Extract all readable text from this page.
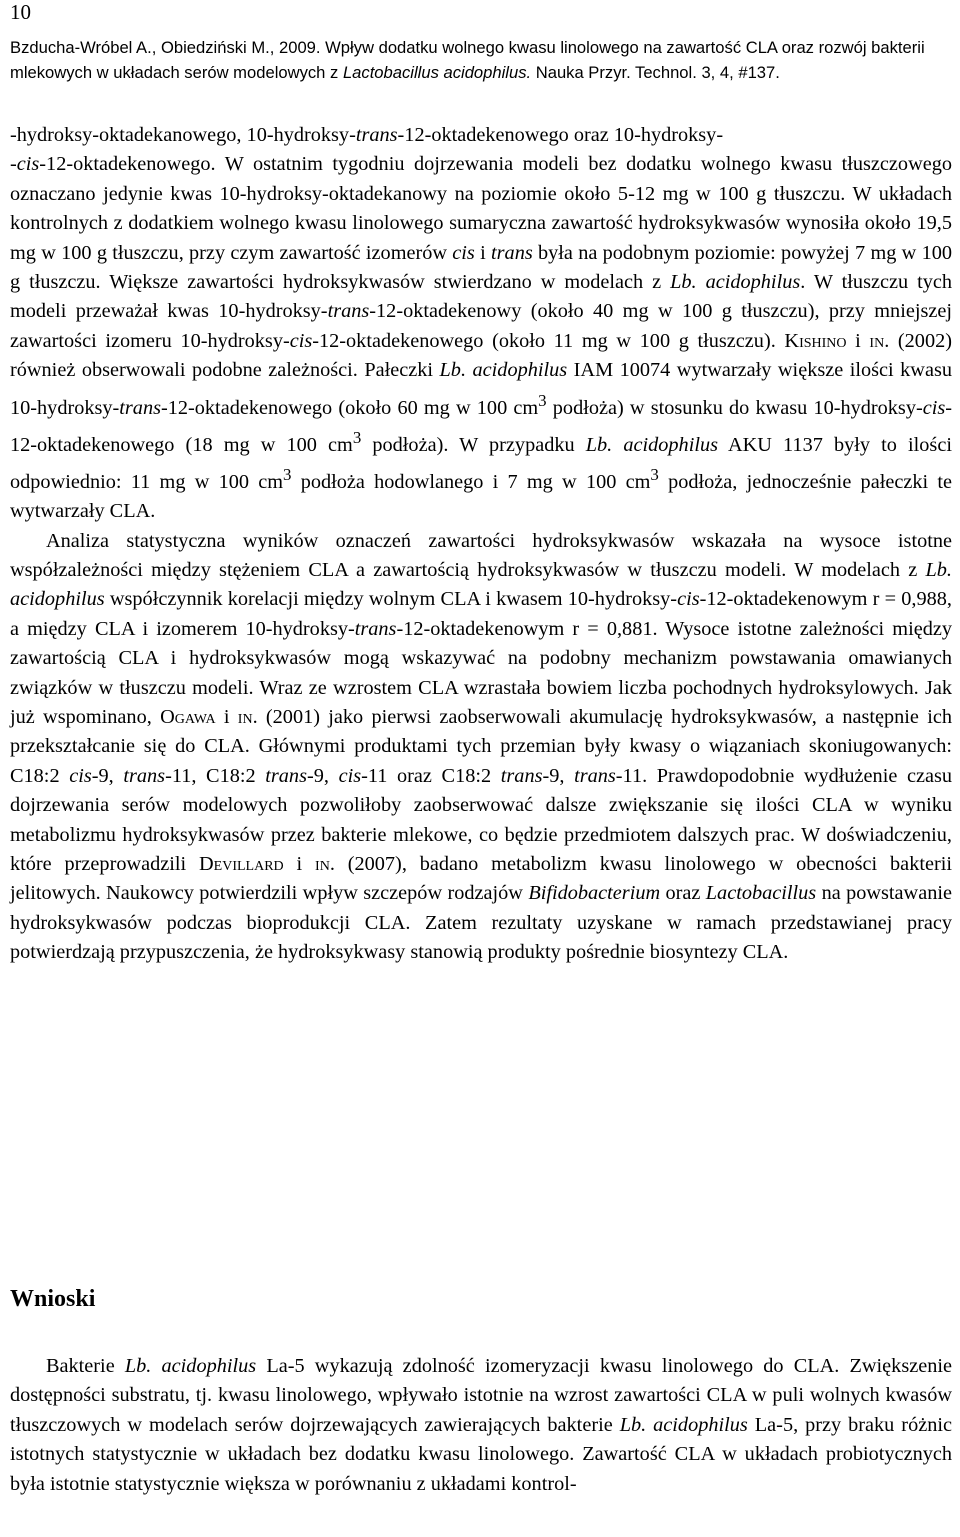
10
Bzducha-Wróbel A., Obiedziński M., 2009. Wpływ dodatku wolnego kwasu linolowego na zawartość CLA oraz rozwój bakterii mlekowych w układach serów modelowych z Lactobacillus acidophilus. Nauka Przyr. Technol. 3, 4, #137.

-hydroksy-oktadekanowego, 10-hydroksy-trans-12-oktadekenowego oraz 10-hydroksy-
-cis-12-oktadekenowego. W ostatnim tygodniu dojrzewania modeli bez dodatku wolnego kwasu tłuszczowego oznaczano jedynie kwas 10-hydroksy-oktadekanowy na poziomie około 5-12 mg w 100 g tłuszczu. W układach kontrolnych z dodatkiem wolnego kwasu linolowego sumaryczna zawartość hydroksykwasów wynosiła około 19,5 mg w 100 g tłuszczu, przy czym zawartość izomerów cis i trans była na podobnym poziomie: powyżej 7 mg w 100 g tłuszczu. Większe zawartości hydroksykwasów stwierdzano w modelach z Lb. acidophilus. W tłuszczu tych modeli przeważał kwas 10-hydroksy-trans-12-oktadekenowy (około 40 mg w 100 g tłuszczu), przy mniejszej zawartości izomeru 10-hydroksy-cis-12-oktadekenowego (około 11 mg w 100 g tłuszczu). Kishino i in. (2002) również obserwowali podobne zależności. Pałeczki Lb. acidophilus IAM 10074 wytwarzały większe ilości kwasu 10-hydroksy-trans-12-oktadekenowego (około 60 mg w 100 $cm^3$ podłoża) w stosunku do kwasu 10-hydroksy-cis-12-oktadekenowego (18 mg w 100 $cm^3$ podłoża). W przypadku Lb. acidophilus AKU 1137 były to ilości odpowiednio: 11 mg w 100 $cm^3$ podłoża hodowlanego i 7 mg w 100 $cm^3$ podłoża, jednocześnie pałeczki te wytwarzały CLA.

Analiza statystyczna wyników oznaczeń zawartości hydroksykwasów wskazała na wysoce istotne współzależności między stężeniem CLA a zawartością hydroksykwasów w tłuszczu modeli. W modelach z Lb. acidophilus współczynnik korelacji między wolnym CLA i kwasem 10-hydroksy-cis-12-oktadekenowym r = 0,988, a między CLA i izomerem 10-hydroksy-trans-12-oktadekenowym r = 0,881. Wysoce istotne zależności między zawartością CLA i hydroksykwasów mogą wskazywać na podobny mechanizm powstawania omawianych związków w tłuszczu modeli. Wraz ze wzrostem CLA wzrastała bowiem liczba pochodnych hydroksylowych. Jak już wspominano, Ogawa i in. (2001) jako pierwsi zaobserwowali akumulację hydroksykwasów, a następnie ich przekształcanie się do CLA. Głównymi produktami tych przemian były kwasy o wiązaniach skoniugowanych: C18:2 cis-9, trans-11, C18:2 trans-9, cis-11 oraz C18:2 trans-9, trans-11. Prawdopodobnie wydłużenie czasu dojrzewania serów modelowych pozwoliłoby zaobserwować dalsze zwiększanie się ilości CLA w wyniku metabolizmu hydroksykwasów przez bakterie mlekowe, co będzie przedmiotem dalszych prac. W doświadczeniu, które przeprowadzili Devillard i in. (2007), badano metabolizm kwasu linolowego w obecności bakterii jelitowych. Naukowcy potwierdzili wpływ szczepów rodzajów Bifidobacterium oraz Lactobacillus na powstawanie hydroksykwasów podczas bioprodukcji CLA. Zatem rezultaty uzyskane w ramach przedstawianej pracy potwierdzają przypuszczenia, że hydroksykwasy stanowią produkty pośrednie biosyntezy CLA.

Wnioski

Bakterie Lb. acidophilus La-5 wykazują zdolność izomeryzacji kwasu linolowego do CLA. Zwiększenie dostępności substratu, tj. kwasu linolowego, wpływało istotnie na wzrost zawartości CLA w puli wolnych kwasów tłuszczowych w modelach serów dojrzewających zawierających bakterie Lb. acidophilus La-5, przy braku różnic istotnych statystycznie w układach bez dodatku kwasu linolowego. Zawartość CLA w układach probiotycznych była istotnie statystycznie większa w porównaniu z układami kontrol-
